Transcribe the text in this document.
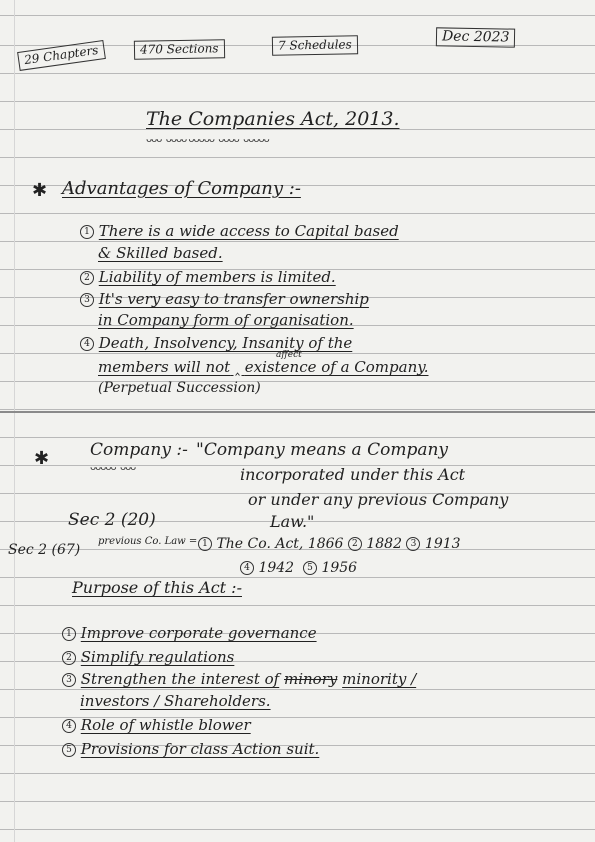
29 Chapters	470 Sections	7 Schedules	Dec 2023
The Companies Act, 2013.
ᴗᴗᴗ  ᴗᴗᴗᴗ ᴗᴗᴗᴗᴗ  ᴗᴗᴗᴗ  ᴗᴗᴗᴗᴗ
✱ Advantages of Company :-
1 There is a wide access to Capital based
& Skilled based.
2 Liability of members is limited.
3 It's very easy to transfer ownership
in Company form of organisation.
4 Death, Insolvency, Insanity of the
affect
members will not ‸ existence of a Company.
(Perpetual Succession)
✱ Company :-
ᴗᴗᴗᴗᴗ  ᴗᴗᴗ
"Company means a Company
incorporated under this Act
or under any previous Company
Law."
Sec 2 (20)
Sec 2 (67)
previous Co. Law = 1 The Co. Act, 1866 2 1882 3 1913
4 1942 5 1956
Purpose of this Act :-
1 Improve corporate governance
2 Simplify regulations
3 Strengthen the interest of minory minority /
investors / Shareholders.
4 Role of whistle blower
5 Provisions for class Action suit.
